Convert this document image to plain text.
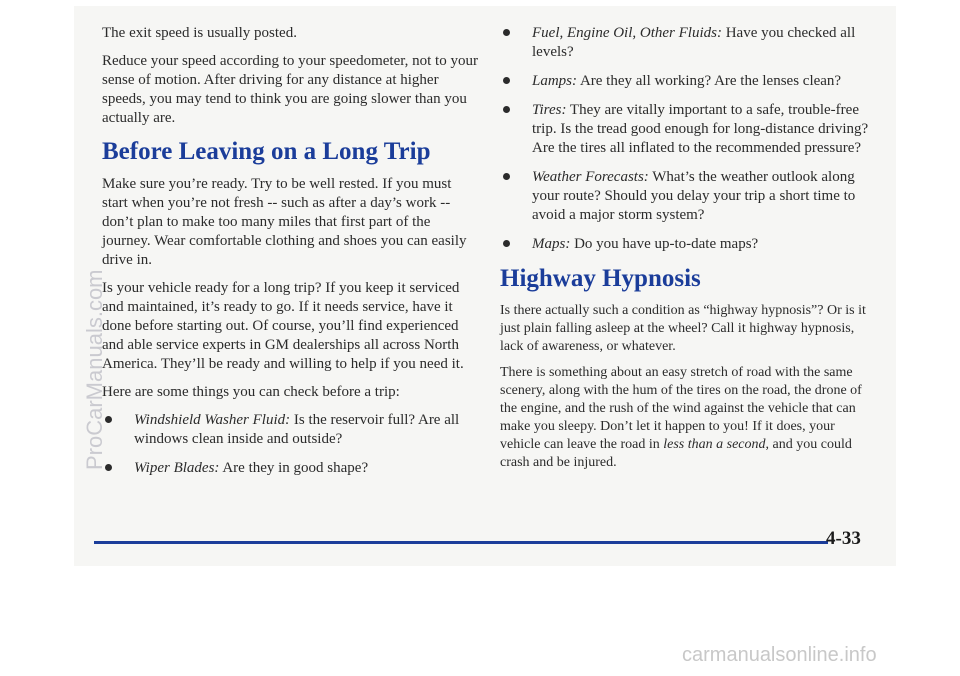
The exit speed is usually posted.

Reduce your speed according to your speedometer, not to your sense of motion. After driving for any distance at higher speeds, you may tend to think you are going slower than you actually are.

Before Leaving on a Long Trip

Make sure you’re ready. Try to be well rested. If you must start when you’re not fresh -- such as after a day’s work -- don’t plan to make too many miles that first part of the journey. Wear comfortable clothing and shoes you can easily drive in.

Is your vehicle ready for a long trip? If you keep it serviced and maintained, it’s ready to go. If it needs service, have it done before starting out. Of course, you’ll find experienced and able service experts in GM dealerships all across North America. They’ll be ready and willing to help if you need it.

Here are some things you can check before a trip:

Windshield Washer Fluid: Is the reservoir full? Are all windows clean inside and outside?
Wiper Blades: Are they in good shape?
Fuel, Engine Oil, Other Fluids: Have you checked all levels?
Lamps: Are they all working? Are the lenses clean?
Tires: They are vitally important to a safe, trouble-free trip. Is the tread good enough for long-distance driving? Are the tires all inflated to the recommended pressure?
Weather Forecasts: What’s the weather outlook along your route? Should you delay your trip a short time to avoid a major storm system?
Maps: Do you have up-to-date maps?
Highway Hypnosis

Is there actually such a condition as “highway hypnosis”? Or is it just plain falling asleep at the wheel? Call it highway hypnosis, lack of awareness, or whatever.

There is something about an easy stretch of road with the same scenery, along with the hum of the tires on the road, the drone of the engine, and the rush of the wind against the vehicle that can make you sleepy. Don’t let it happen to you! If it does, your vehicle can leave the road in less than a second, and you could crash and be injured.

4-33
ProCarManuals.com
carmanualsonline.info
